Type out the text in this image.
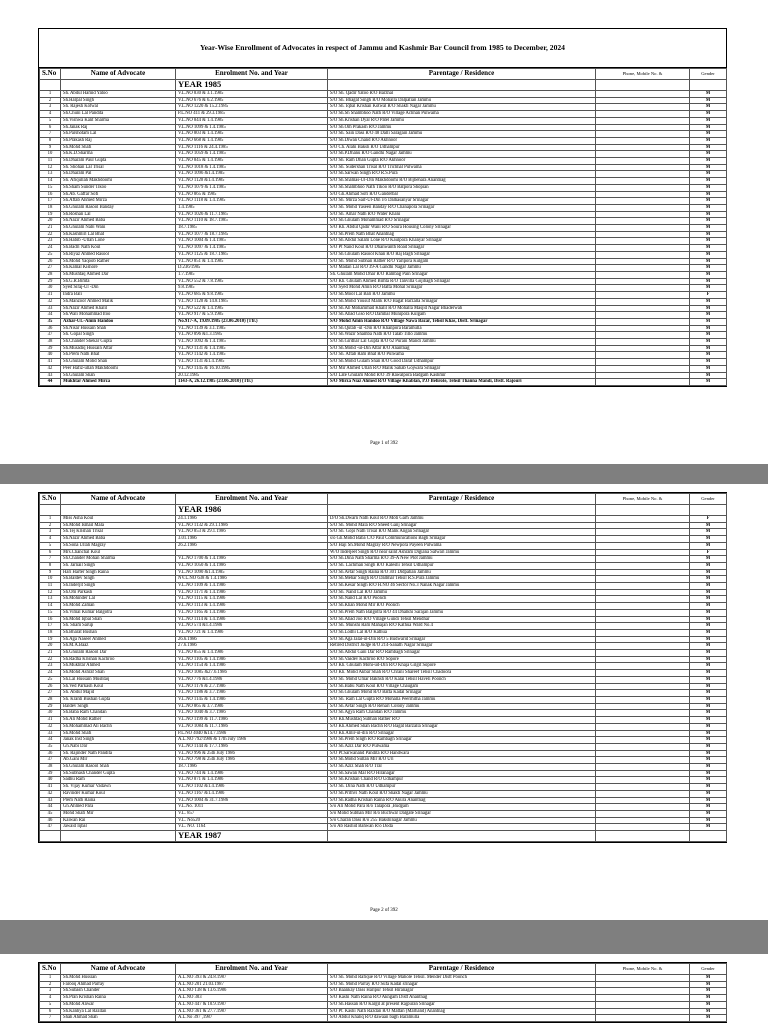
Year-Wise Enrollment of Advocates in respect of Jammu and Kashmir Bar Council from 1985 to December, 2024
S.No	Name of Advocate	Enrolment No. and Year	Parentage / Residence	Phone, Mobile No. &	Gender
		YEAR 1985			
1	Sh. Abdul Hamid Yatoo	V.L.NO 830 & 3.1.1985	S/O Sh. Qadir Yatoo R/O Barzhal		M
2	Sh.Harpal Singh	V.L.NO 676 & 6.2.1985	S/O Sh. Bhagat Singh R/O Mohalla Dalpatian Jammu		M
3	Sh. Rajesh Kotwal	V.L.NO 1220 & 15.2.1985	S/O Sh. Iqbal Krishan Kotwal R/O Shakti Nagar Jammu		M
4	Sh.Chuni Lal Pandita	P.L.NO 411 & 29.3.1985	S/O Sh.Sh Shambhoo Nath R/O Village Achhan Pulwama		M
5	Sh.Vishwa Kant Sharma	V.L.NO 844 & 1.4.1985	S/O Sh.Krishan Dyal R/O Patel Jammu		M
6	Sh.Janak Raj	V.L.NO 1099 & 1.4.1985	S/O Sh.Om Prakash R/O Jammu		M
7	Sh.Parshotam Lal	V.L.NO 803 & 1.4.1985	S/O Sh. Sain Dass R/O 48 Dalli Saragain Jammu		M
8	Sh.Prakash Raj	V.L.NO 668 & 1.4.1985	S/O Sh.Diwan Chand R/O Akhnoor		M
9	Sh.Mohd Shafi	V.L.NO 1116 & 24.4.1985	S/O Ch. Alahi Baksh R/O Udhampur		M
10	Sh.K.D.Sharma	V.L.NO 1059 & 1.4.1985	S/O Sh.P.Dhanu R/O Gandhi Nagar Jammu		M
11	Sh.Dharam Paul Gupta	V.L.NO 845 & 1.4.1985	S/O Sh. Ram Dhan Gupta R/O Akhnoor		M
12	Sh. Shohan Lal Trisal	V.L.NO 1018 & 1.4.1985	S/O Sh. Sudershan Trisal R/O Trichhal Pulwama		M
13	Sh.Dharam Pal	V.L.NO 1096 &1.4.1985	S/O Sh.Sarwan Singh R/O R.S.Pura		M
14	Sh. Afiqullah Makhdoomi	V.L.NO 1120 &1.4.1985	S/O Sh.Shamas-Ul-Din Makhdoomi R/O Bijbehara Anantnag		M
15	Sh.Sham Sunder Tikoo	V.L.NO 1079 & 1.4.1985	S/O Sh.Shambhoo Nath Tikoo R/O Batpora Shopian		M
16	Sh.Ab. Gaffar Sofi	V.L.NO 865 & 1985	S/O Gh.Ahmad Sofi R/O Ganderbal		M
17	Sh.Aftab Ahmed Mirza	V.L.NO 1118 & 1.4.1985	S/O Sh. Mirza Saif-Ul-Din r/o Dalhasanyar Srinagar		M
18	Sh.Ghulam Rasool Banday	1.4.1985	S/O Sh. Mohd Yaseen Banday R/O Chanapora Srinagar		M
19	Sh.Roshan Lal	V.L.NO 1026 & 11.7.1985	S/O Sh. Amar Nath R/O Water Khani		M
20	Sh.Nazir Ahmed Baba	V.L.NO 1110 & 18.7.1985	S/O Sh.Ghulam Mohammad R/O Srinagar		M
21	Sh.Ghulam Nabi Wani	18.7.1985	S/O Kh. Abdul Qadir Wani R/O Soura Housing Colony Srinagar		M
22	Sh.Kashmiri Lal Bhat	V.L.NO 1077 & 18.7.1985	S/O Sh.Prem Nath Bhat Anantnag		M
23	Sh.Habib -Ullah Lone	V.L.NO 1004 & 1.4.1985	S/O Sh.Abdul Salam Lone R/O Kaulpora Khanyar Srinagar		M
24	Sh.Badri Nath Koul	V.L.NO 1097 & 1.4.1985	S/O Pt Nand Koul R/O Dhanwanth Road Srinagar		M
25	Sh.Riyaz Ahmed Rasool	V.L.NO 1125 & 18.7.1985	S/O Sh.Ghulam Rasool Khan R/O Raj Bagh Srinagar		M
26	Sh.Mohd Yaqoob Rather	V.L.NO 851 & 1.4.1985	S/O Sh. Mohd Subhan Rather R/O Yaripora Kulgam		M
27	Sh.Kamal Kishore	D.236/1985	S/O Madan Lal R/O 39-A Gandhi Nagar Jammu		M
28	Sh.Mushtaq Ahmed Dar	1.7.1985	Sh. Ghulam Mohd Dhar R/O Rambag Pain Srinagar		M
29	Sh.G.R.Bimta	V.L.NO 552 & 7.8.1985	S/O Kh. Ghulam Ahmed Bimta R/O Tanvilla Gojibagh Srinagar		M
30	Syed Siraj-Ul -Din	9.8.1985	S/O Syed Mohd Amin R/O Batta Mohal Srinagar		M
31	Indra Bali	V.L.NO 685 & 9.8.1985	S/O Sh.Mool Lal Bali R/O Jammu		F
32	Sh.Manzoor Ahmed Malik	V.L.NO 1120 & 14.8.1985	S/O Sh.Mohd Yousuf Malik R/O Bagat Barzalla Srinagar		M
33	Sh.Nazir Ahmed Khalil	V.L.NO 522 & 1.4.1985	S/O Sh.Ab Mohammad Khalil R/O Mohalla Masjid Nagar Bhaderwah		M
34	Sh.Wali Mohammad Itoo	V.L.NO 917 & 5.9.1985	S/O Sh.Abad Giso R/O Dambal Munipora Kulgam		M
35	Azhar-UL-Amin Handoo	No.917-A, 19.09.1985 (23.06.2010) (Tfr.)	S/O Mohd Amin Handoo R/O Village Nawa Bazar, Tehsil Khas, Distt. Srinagar		M
36	Sh.Nisar Hussain Shah	V.L.NO 1139 & 3.1.1985	S/O Sh.Qutab -ul -Din R/O Khanpora Baramulla		M
37	Sh. Gopal Singh	V.L.NO 896 &1.3.1985	S/O Sh.Wazir Shamba Nath R/O Talab Tillo Jammu		M
38	Sh.Chander Shekar Gupta	V.L.NO 1092 & 1.4.1985	S/O Sh.Girdhar Lal Gupta R/O 62 Purani Mandi Jammu		M
39	Sh.Musadiq Hussain Attar	V.L.NO 1131 & 1.4.1985	S/O Sh.Mohd -ul-Din Attar R/O Anantnag		M
40	Sh.Prem Nath Bhat	V.L.NO 1142 & 1.4.1985	S/O Sh. Aftab Ram Bhat R/O Pulwama		M
41	Sh.Ghulam Mohd Shan	V.L.NO 1131 &1.4.1985	S/O Sh.Mohd Gulam Shan R/O Good Darat Udhampur		M
42	Peer Hafiz-ullah Makhdoomi	V.L.NO 1145 & 16.10.1985	S/O Mir Ahmed Ullah R/O Malik Sahab Gojwara Srinagar		M
43	Sh.Ghulam Shah	20.12.1985	S/O Late Ghulam Mohd R/O 39 Rawalpora Badgam Kashmir		M
44	Mukhtar Ahmed Mirza	1143-A, 26.12.1985 (23.06.2010) (Tfr.)	S/O Mirza Niaz Ahmed R/O Village Khablan, P.O Behrote, Tehsil Thanna Mandi, Distt. Rajouri		M
Page 1 of 392
S.No	Name of Advocate	Enrolment No. and Year	Parentage / Residence	Phone, Mobile No. &	Gender
		YEAR 1986			
1	Miss Asha Koul	24.1.1986	D/O Sh.Dwarn Nath Koul R/O Moti Garh Jammu		F
2	Sh.Mohd Ismail Mala	V.L.NO 1132 & 29.1.1986	S/O Sh. Mohd Mala R/O Sheed Ganj Srinagar		M
3	Sh.Tej Krishan Trisal	V.L.NO 853 & 29.1.1986	S/O Sh. Gopi Nath Trisal R/O Malik Angan Srinagar		M
4	Sh.Nazir Ahmed Baba	3.01.1986	s/o Gh.Mohd Baba C/O Paul Communications Bagh Srinagar		M
5	Sh.Sona Ullah Magray	26.2.1986	S/O Haji Sh.Mohd Magray R/O Newpora Payeen Pulwama		M
6	Mrs.Chanchal Koul		W/O Inderjeet Singh R/O near saint Ashram Digiana Satwari Jammu		F
7	Sh.Chander Mohan Sharma	V.L.NO 1700 & 1.4.1986	S/O Sh.Dina Nath Sharma R/O 39-A New Plot Jammu		M
8	Sh. Jarnail Singh	V.L.NO 1050 & 1.4.1986	S/O Sh. Lachman Singh R/O Kaleshi Tehsil Udhampur		M
9	Hari Harter Singh Raina	V.L.NO 1090 &1.4.1985	S/O Sh.Avtar Singh Raina R/O 301 Didpatian Jammu		M
10	Sh.Baldev Singh	NV.L.NO 638 & 1.4.1986	S/O Sh.Mehar Singh R/O Dalbhar Tehsil R.S.Pura Jammu		M
11	Sh.Inderjit Singh	V.L.NO 1109 & 1.4.1986	S/O Sh.Kesar Singh R/O H.NO 46 Sector No.3 Nanak Nagar Jammu		M
12	Sh.Om Parkash	V.L.NO 1171 & 1.4.1986	S/O Sh. Nand Lal R/O Jammu		M
13	Sh.Mohinder Lal	V.L.NO 1115 & 1.4.1986	S/O Sh.Nand Lal R/O Poonch		M
14	Sh.Mohd Zaman	V.L.NO 1113 & 1.4.1986	S/O Sh.Khan Mohd Mir R/O Poonch		M
15	Sh.Vimal Kumar Balgotra	V.L.NO 1165 & 1.4.1986	S/O Sh.Prem Nath Balgotra R/O 44 Dhalkhi Sarajan Jammu		M
16	Sh.Mohd Iqbal Shah	V.L.NO 1114 & 1.4.1986	S/O Sh.Abad Joo R/O Village Gundi Tehsil Mendhar		M
17	Sh. Sham Sarup	V.L.NO 574 &1.4.1986	S/O Sh. Munshi Ram Mahajan R/O Kathua Ward No.4		M
18	Sh.Bharat Bushan	V.L.NO 721 & 1.4.1986	S/O Sh.Lodhi Lal R/O Kathua		M
19	Sh.Aga Naseer Ahmed	26.6.1986	S/O Sh.Aga Jalal-ul-Din R/O 5 Budwarid Srinagar		M
20	Sh.M.A.Baaz	27.6.1986	Retired District Judge R/O 214-Sanath Nagar Srinagar		M
21	Sh.Ghulam Rasool Dar	V.L.NO 855 & 1.4.1986	S/O Sh.Abdul Gani Dar R/O Rambagh Srinagar		M
22	Sh.Radha Krishan Kachroo	V.L.NO 1105 & 1.4.1986	S/O Sh.Vasdev Kachroo R/O Sopore		M
23	Sh.Mukhtar Ahmed	V.L.NO 1154 & 1.4.1986	S/O Kh. Ghulam Mohi-ud-Din R/O Khaja Gilgit Sopore		M
24	Sh.Mohd Ashraf Shah	V.L.NO 1085 &27.6.1986	S/O Kh. Mohd Akbar Shah R/O Chrani Shareef Tehsil Chadoora		M
25	Sh.Lal Hussain Mushtaq	V.L.NO 776 &1.4.1986	S/O Sh. Mohd Umar Bakhsh R/O Kalai Tehsil Haveli Poonch		M
26	Sh.Ved Parkash Koul	V.L.NO 1176 & 2.7.1986	S/O Sh.Babu Nath Koul R/O Village Chaugam		M
27	Sh. Abdul Majid	V.L.NO 1186 & 3.7.1986	S/O Sh.Ghulam Mohd R/O Batta Kadal Srinagar		M
28	Sh. Kranti Bushan Gupta	V.L.NO 1145 & 1.4.1986	S/O Sh. Ram Lal Gupta R/O Mohalla Peermitha Jammu		M
29	Baldev Singh	V.L.NO 865 & 3.7.1986	S/O Sh.Avtar Singh R/O Rehari Colony Jammu		M
30	Sh.Baba Ram Chandan	V.L.NO 1040 & 3.7.1986	S/O Sh.Agya Ram Chandan R/O Jammu		M
31	Sh.Ali Mohd Rather	V.L.NO 1199 & 11.7.1986	S/O Kh.Mushtaq Subhan Rather R/O		M
32	Sh.Mohammad Ali Bachh	V.L.NO 1084 & 11.7.1986	S/O Kh.Ahmed Shah Bachh R/O Bagat Barzalla Srinagar		M
33	Sh.Mohd Shafi	P.L.NO 4040 &14.7.1986	S/O Kh.Amir-ul-din R/O Srinagar		M
34	Janak Inst Singh	A.L.NO 792/1986 & 17th July 1986	S/O Sh.Prem Singh R/O Rambagh Srinagar		M
35	Gh.Nabi Dar	V.L.NO 1144 & 17.7.1986	S/O Sh.Aziz Dar R/O Pulwama		M
36	Sh. Rajinder Nath Pandita	V.L.NO 996 & 25th July 1986	S/O Pt.Sarwanand Pandita R/O Handwara		M
37	Ab.Gani Mir	V.L.NO 798 & 25th July 1986	S/O Sh.Mohd Sultan Mir R/O Uri		M
38	Sh.Ghulam Rasool Shah	18.7.1986	S/O Sh.Aziz Shah R/O Tral		M
39	Sh.Subhash Chander Gupta	V.L.NO 744 & 1.4.1986	S/O Sh.Sawan Mal R/O Hiranagar		M
40	Sadhu Ram	V.L.NO 871 & 1.4.1986	S/O Sh.Krishan Chand R/O Udhampur		M
41	Sh. Vijay Kumar Vadawn	V.L.NO 1102 &1.4.1986	S/O Sh. Dina Nath R/O Udhampur		M
42	Ravinder Kumar Koul	V.L.NO 1167 &1.4.1986	S/O Sh.Prithvi Nath Koul R/O Shakti Nagar Jammu		M
43	Prem Nath Raina	V.L.NO 1004 & 31.7.1986	S/O Sh.Radha Krishan Raina R/O Akura Anantnag		M
44	Gh.Ahmed Para	V.L.No. 1011	S/o Ali Mohd Para R/o Talapora ,Budgam		M
45	Mohd Shafi Mir	V.L. 857	S/o Mohd Subhan Mir R/o Buchwar Dalgate Srinagar		M
46	Kaiwan Rai	V.L. No520	S/o Charan Dass R/o 255 Bakshinagar Jammu		M
47	Jawaid Iqbal	V.L. NO. 1164	S/o Ab Rashid Bahwan R/o Doda		M
		YEAR 1987			
Page 2 of 392
S.No	Name of Advocate	Enrolment No. and Year	Parentage / Residence	Phone, Mobile No. &	Gender
1	Sh.Mohd Hussian	A.L.NO 393 & 24.8.1987	S/O Sh. Mohd Rafique R/O Village Mahole Tehsil. Mender Distt Poonch		M
2	Farooq Ahmad Parray	A.L.NO 201 21.03.1987	S/O Sh. Mohd Parray R/O Sufa Kadal srinagar		M
3	Sh.Subash Chander	A.L.NO 138 & 13.6.1986	S/O Baankay Dass Haripur Tehsil Hiranagar		M
4	Sh.Pran Krishan Raina	A.L.NO 303	S/O Kashi Nath Raina R/O Akngam Distt Anantnag		M
5	Sh.Mohd Anwar	A.L.NO 447 & 10.9.1987	S/O Sh.Hassan R/O Kargil at present Rajpuran Srinagar		M
6	Sh.Kanhya Lal Razdan	A.L.NO 361 & 27.7.1987	S/O Pt. Kashi Nath Razdan R/O Mattan (Marhand) Anantnag		M
7	Shah Ahmad Shah	A.L.No 397 ,1987	S/O Abdul Khaliq R/O dawaan bagh Baramulla		M
